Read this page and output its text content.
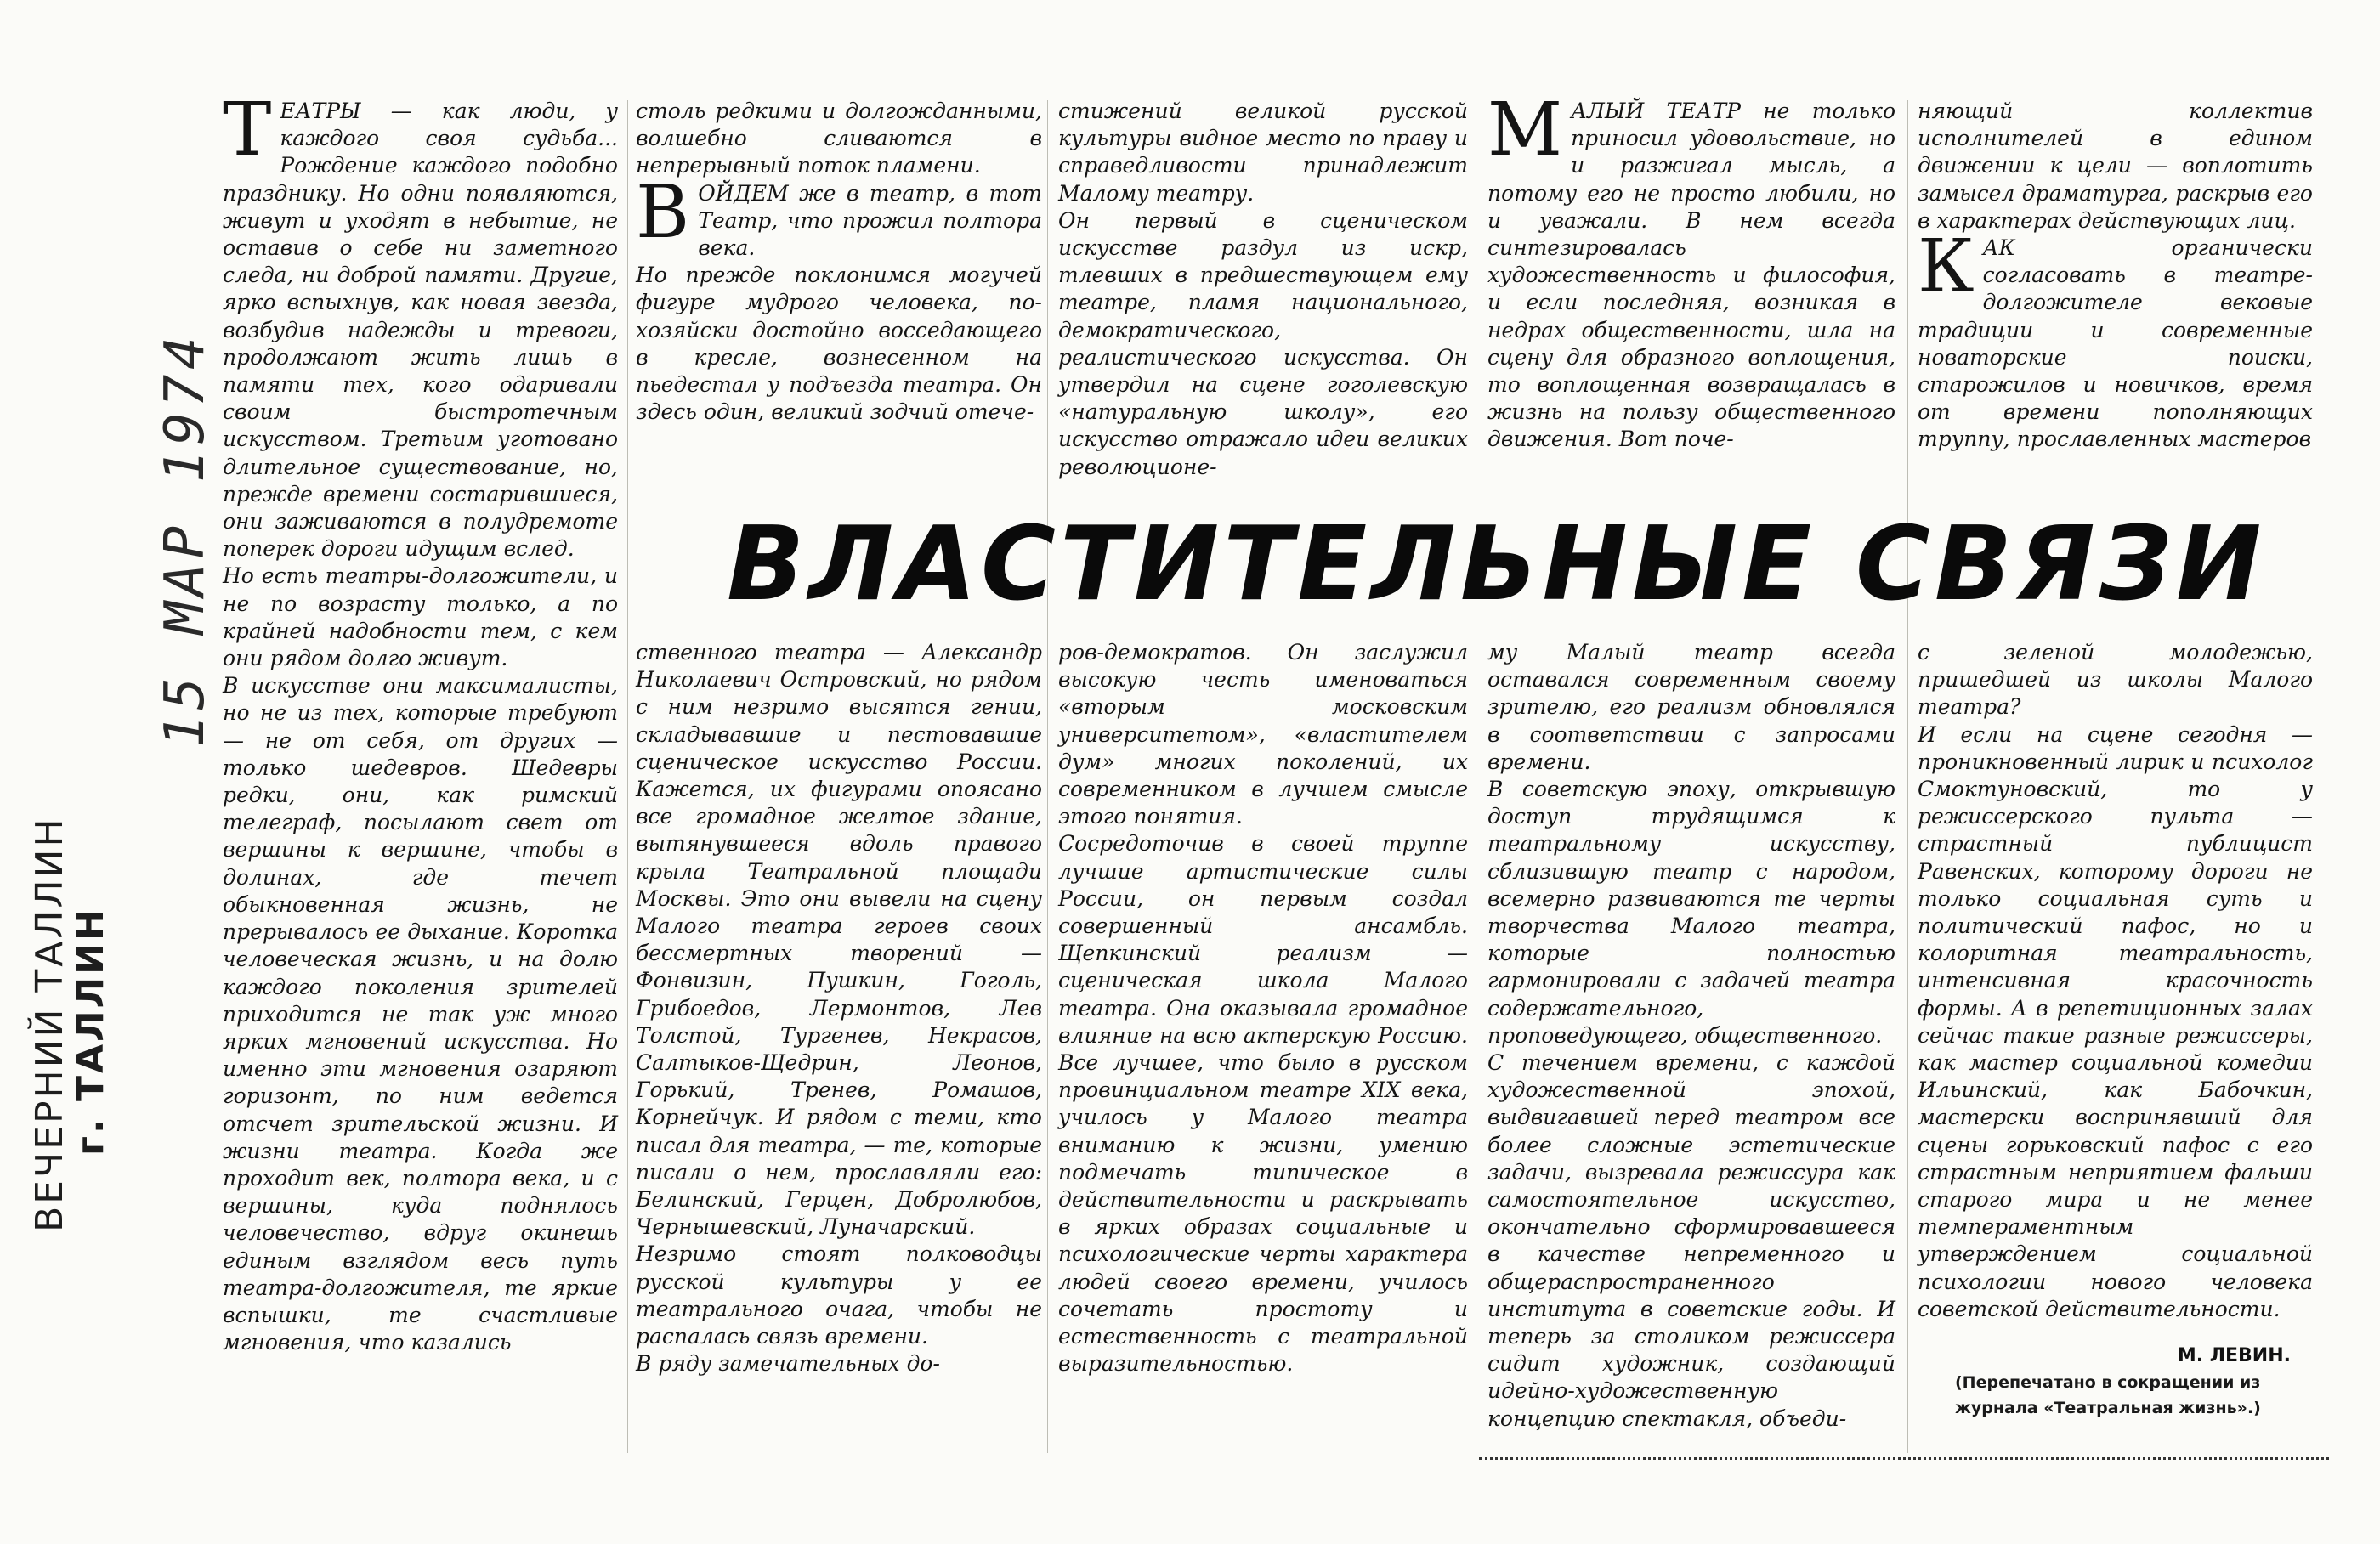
ВЕЧЕРНИЙ ТАЛЛИН
г. ТАЛЛИН
15 МАР 1974
ТЕАТРЫ — как люди, у каждого своя судьба... Рождение каждого подобно празднику. Но одни появляются, живут и уходят в небытие, не оставив о себе ни заметного следа, ни доброй памяти. Другие, ярко вспыхнув, как новая звезда, возбудив надежды и тревоги, продолжают жить лишь в памяти тех, кого одаривали своим быстротечным искусством. Третьим уготовано длительное существование, но, прежде времени состарившиеся, они заживаются в полудремоте поперек дороги идущим вслед.
Но есть театры-долгожители, и не по возрасту только, а по крайней надобности тем, с кем они рядом долго живут.
В искусстве они максималисты, но не из тех, которые требуют — не от себя, от других — только шедевров. Шедевры редки, они, как римский телеграф, посылают свет от вершины к вершине, чтобы в долинах, где течет обыкновенная жизнь, не прерывалось ее дыхание. Коротка человеческая жизнь, и на долю каждого поколения зрителей приходится не так уж много ярких мгновений искусства. Но именно эти мгновения озаряют горизонт, по ним ведется отсчет зрительской жизни. И жизни театра. Когда же проходит век, полтора века, и с вершины, куда поднялось человечество, вдруг окинешь единым взглядом весь путь театра-долгожителя, те яркие вспышки, те счастливые мгновения, что казались
столь редкими и долгожданными, волшебно сливаются в непрерывный поток пламени.

В ОЙДЕМ же в театр, в тот Театр, что прожил полтора века.
Но прежде поклонимся могучей фигуре мудрого человека, по-хозяйски достойно восседающего в кресле, вознесенном на пьедестал у подъезда театра. Он здесь один, великий зодчий отече-
стижений великой русской культуры видное место по праву и справедливости принадлежит Малому театру.
Он первый в сценическом искусстве раздул из искр, тлевших в предшествующем ему театре, пламя национального, демократического, реалистического искусства. Он утвердил на сцене гоголевскую «натуральную школу», его искусство отражало идеи великих революционе-
МАЛЫЙ ТЕАТР не только приносил удовольствие, но и разжигал мысль, а потому его не просто любили, но и уважали. В нем всегда синтезировалась художественность и философия, и если последняя, возникая в недрах общественности, шла на сцену для образного воплощения, то воплощенная возвращалась в жизнь на пользу общественного движения. Вот поче-
няющий коллектив исполнителей в едином движении к цели — воплотить замысел драматурга, раскрыв его в характерах действующих лиц.

К АК органически согласовать в театре-долгожителе вековые традиции и современные новаторские поиски, старожилов и новичков, время от времени пополняющих труппу, прославленных мастеров
ВЛАСТИТЕЛЬНЫЕ СВЯЗИ
ственного театра — Александр Николаевич Островский, но рядом с ним незримо высятся гении, складывавшие и пестовавшие сценическое искусство России. Кажется, их фигурами опоясано все громадное желтое здание, вытянувшееся вдоль правого крыла Театральной площади Москвы. Это они вывели на сцену Малого театра героев своих бессмертных творений — Фонвизин, Пушкин, Гоголь, Грибоедов, Лермонтов, Лев Толстой, Тургенев, Некрасов, Салтыков-Щедрин, Леонов, Горький, Тренев, Ромашов, Корнейчук. И рядом с теми, кто писал для театра, — те, которые писали о нем, прославляли его: Белинский, Герцен, Добролюбов, Чернышевский, Луначарский.
Незримо стоят полководцы русской культуры у ее театрального очага, чтобы не распалась связь времени.
В ряду замечательных до-
ров-демократов. Он заслужил высокую честь именоваться «вторым московским университетом», «властителем дум» многих поколений, их современником в лучшем смысле этого понятия.
Сосредоточив в своей труппе лучшие артистические силы России, он первым создал совершенный ансамбль. Щепкинский реализм — сценическая школа Малого театра. Она оказывала громадное влияние на всю актерскую Россию. Все лучшее, что было в русском провинциальном театре XIX века, училось у Малого театра вниманию к жизни, умению подмечать типическое в действительности и раскрывать в ярких образах социальные и психологические черты характера людей своего времени, училось сочетать простоту и естественность с театральной выразительностью.
му Малый театр всегда оставался современным своему зрителю, его реализм обновлялся в соответствии с запросами времени.
В советскую эпоху, открывшую доступ трудящимся к театральному искусству, сблизившую театр с народом, всемерно развиваются те черты творчества Малого театра, которые полностью гармонировали с задачей театра содержательного, проповедующего, общественного.
С течением времени, с каждой художественной эпохой, выдвигавшей перед театром все более сложные эстетические задачи, вызревала режиссура как самостоятельное искусство, окончательно сформировавшееся в качестве непременного и общераспространенного института в советские годы. И теперь за столиком режиссера сидит художник, создающий идейно-художественную концепцию спектакля, объеди-
с зеленой молодежью, пришедшей из школы Малого театра?
И если на сцене сегодня — проникновенный лирик и психолог Смоктуновский, то у режиссерского пульта — страстный публицист Равенских, которому дороги не только социальная суть и политический пафос, но и колоритная театральность, интенсивная красочность формы. А в репетиционных залах сейчас такие разные режиссеры, как мастер социальной комедии Ильинский, как Бабочкин, мастерски воспринявший для сцены горьковский пафос с его страстным неприятием фальши старого мира и не менее темпераментным утверждением социальной психологии нового человека советской действительности.
М. ЛЕВИН.
(Перепечатано в сокращении из журнала «Театральная жизнь».)
